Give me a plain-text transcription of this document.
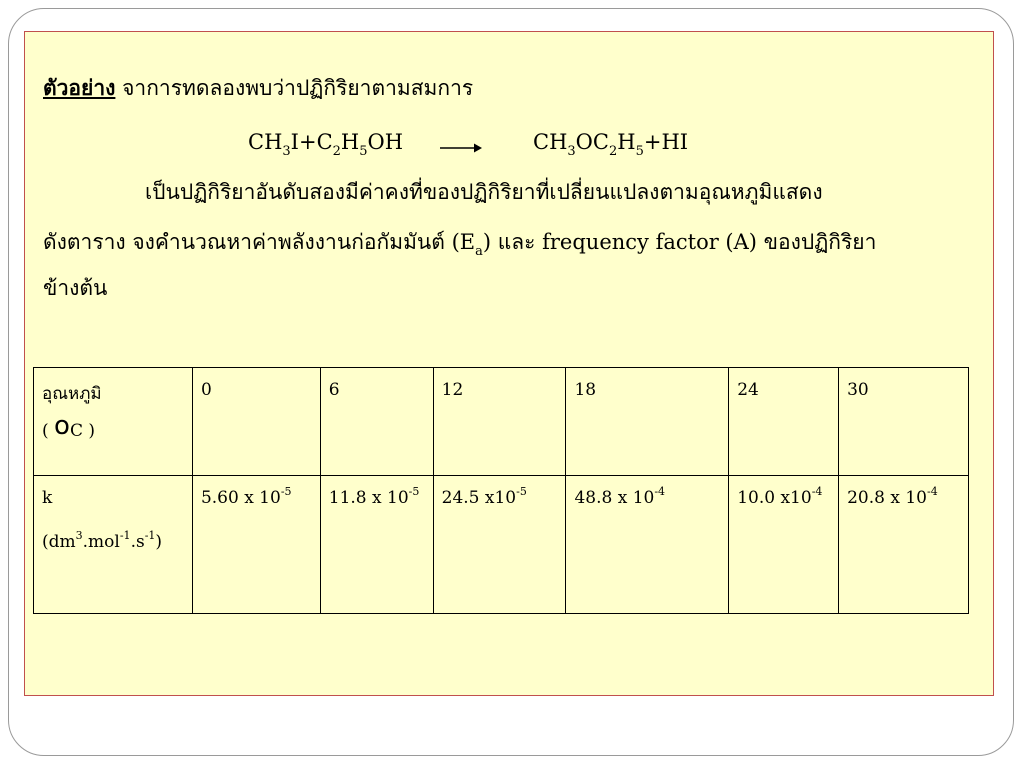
ตัวอย่าง จาการทดลองพบว่าปฏิกิริยาตามสมการ
$CH_3I+C_2H_5OH$	$CH_3OC_2H_5+HI$
เป็นปฏิกิริยาอันดับสองมีค่าคงที่ของปฏิกิริยาที่เปลี่ยนแปลงตามอุณหภูมิแสดง
ดังตาราง จงคำนวณหาค่าพลังงานก่อกัมมันต์ $(E_a)$ และ frequency factor (A) ของปฏิกิริยา
ข้างต้น
อุณหภูมิ
( oC )	0	6	12	18	24	30

k
$(dm^3.mol^{-1}.s^{-1})$	5.60 x $10^{-5}$	11.8 x $10^{-5}$	24.5 $x10^{-5}$	48.8 x $10^{-4}$	10.0 $x10^{-4}$	20.8 x $10^{-4}$
